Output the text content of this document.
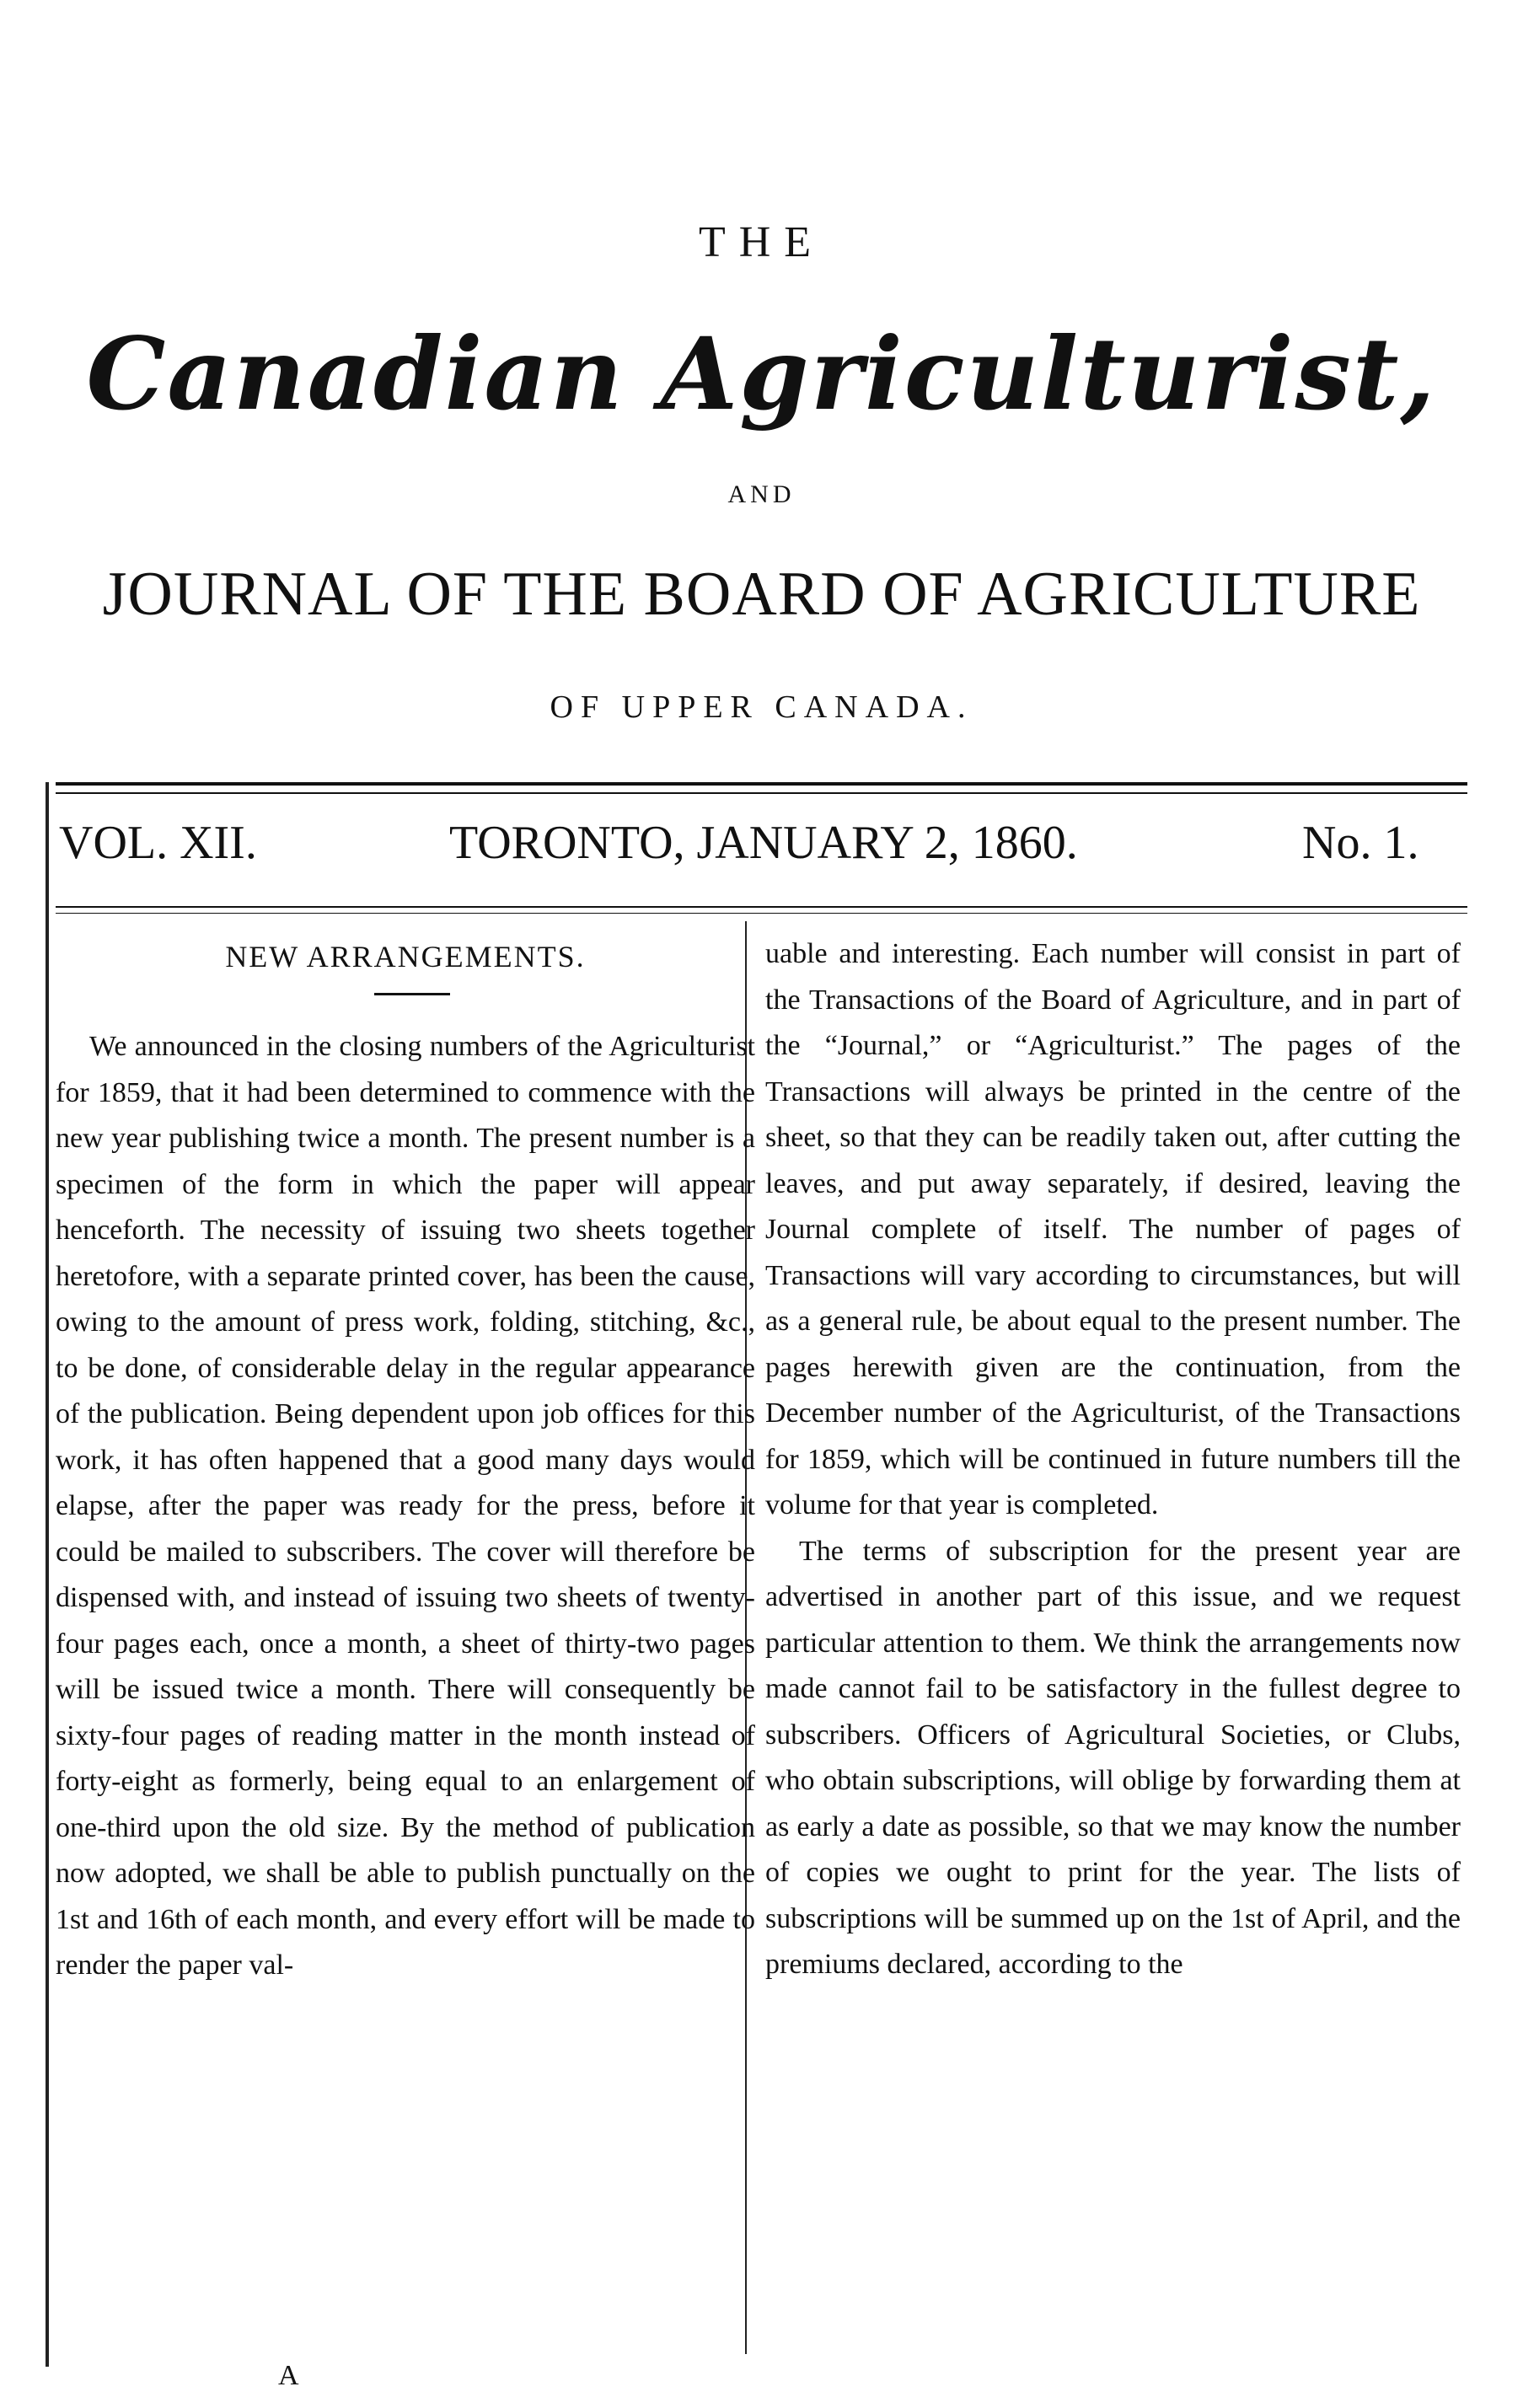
THE
Canadian Agriculturist,
AND
JOURNAL OF THE BOARD OF AGRICULTURE
OF UPPER CANADA.
VOL. XII.	TORONTO, JANUARY 2, 1860.	No. 1.
NEW ARRANGEMENTS.

We announced in the closing numbers of the Agriculturist for 1859, that it had been determined to commence with the new year publishing twice a month. The present number is a specimen of the form in which the paper will appear henceforth. The necessity of issuing two sheets together heretofore, with a separate printed cover, has been the cause, owing to the amount of press work, folding, stitching, &c., to be done, of considerable delay in the regular appearance of the publication. Being dependent upon job offices for this work, it has often happened that a good many days would elapse, after the paper was ready for the press, before it could be mailed to subscribers. The cover will therefore be dispensed with, and instead of issuing two sheets of twenty-four pages each, once a month, a sheet of thirty-two pages will be issued twice a month. There will consequently be sixty-four pages of reading matter in the month instead of forty-eight as formerly, being equal to an enlargement of one-third upon the old size. By the method of publication now adopted, we shall be able to publish punctually on the 1st and 16th of each month, and every effort will be made to render the paper val-

uable and interesting. Each number will consist in part of the Transactions of the Board of Agriculture, and in part of the “Journal,” or “Agriculturist.” The pages of the Transactions will always be printed in the centre of the sheet, so that they can be readily taken out, after cutting the leaves, and put away separately, if desired, leaving the Journal complete of itself. The number of pages of Transactions will vary according to circumstances, but will as a general rule, be about equal to the present number. The pages herewith given are the continuation, from the December number of the Agriculturist, of the Transactions for 1859, which will be continued in future numbers till the volume for that year is completed.

The terms of subscription for the present year are advertised in another part of this issue, and we request particular attention to them. We think the arrangements now made cannot fail to be satisfactory in the fullest degree to subscribers. Officers of Agricultural Societies, or Clubs, who obtain subscriptions, will oblige by forwarding them at as early a date as possible, so that we may know the number of copies we ought to print for the year. The lists of subscriptions will be summed up on the 1st of April, and the premiums declared, according to the

A
